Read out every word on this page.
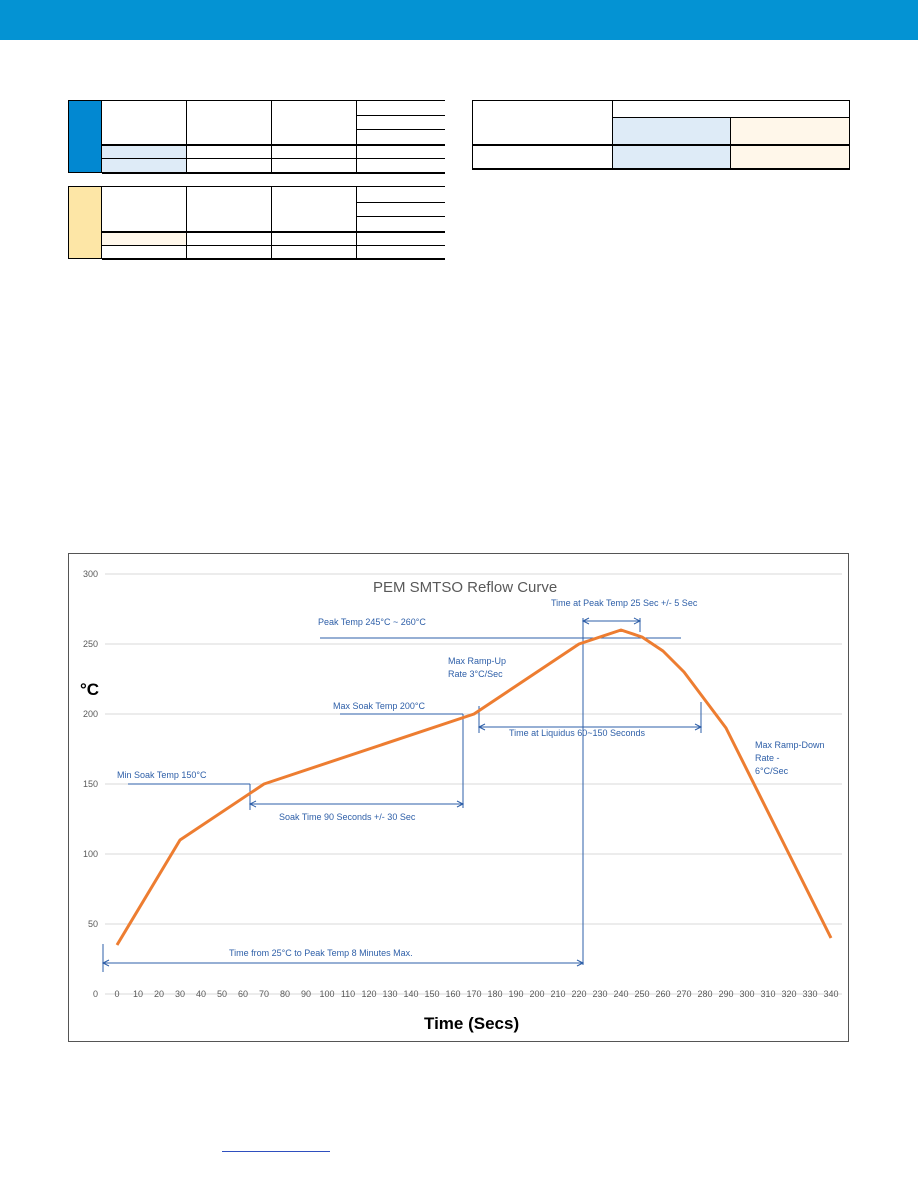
0
50
100
150
200
250
300
0 10 20 30 40 50 60 70 80 90 100 110 120 130 140 150 160 170 180 190 200 210 220 230 240 250 260 270 280 290 300 310 320 330 340
Peak Temp 245°C ~ 260°C
Time at Peak Temp 25 Sec +/- 5 Sec
Max Ramp-Up
Rate 3°C/Sec
Max Soak Temp 200°C
Time at Liquidus 60~150 Seconds
Min Soak Temp 150°C
Soak Time 90 Seconds +/- 30 Sec
Max Ramp-Down
Rate -
6°C/Sec
Time from 25°C to Peak Temp 8 Minutes Max.
PEM SMTSO Reflow Curve
°C
Time (Secs)
